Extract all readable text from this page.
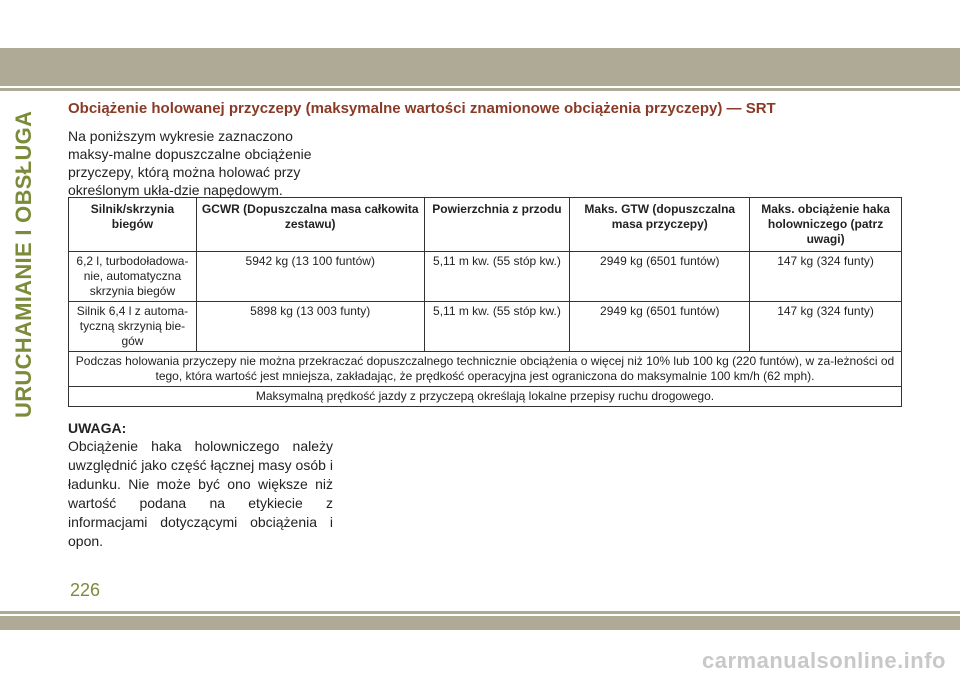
URUCHAMIANIE I OBSŁUGA
Obciążenie holowanej przyczepy (maksymalne wartości znamionowe obciążenia przyczepy) — SRT
Na poniższym wykresie zaznaczono maksy-malne dopuszczalne obciążenie przyczepy, którą można holować przy określonym ukła-dzie napędowym.
Silnik/skrzynia biegów	GCWR (Dopuszczalna masa całkowita zestawu)	Powierzchnia z przodu	Maks. GTW (dopuszczalna masa przyczepy)	Maks. obciążenie haka holowniczego (patrz uwagi)
6,2 l, turbodoładowa-nie, automatyczna skrzynia biegów	5942 kg (13 100 funtów)	5,11 m kw. (55 stóp kw.)	2949 kg (6501 funtów)	147 kg (324 funty)
Silnik 6,4 l z automa-tyczną skrzynią bie-gów	5898 kg (13 003 funty)	5,11 m kw. (55 stóp kw.)	2949 kg (6501 funtów)	147 kg (324 funty)
Podczas holowania przyczepy nie można przekraczać dopuszczalnego technicznie obciążenia o więcej niż 10% lub 100 kg (220 funtów), w za-leżności od tego, która wartość jest mniejsza, zakładając, że prędkość operacyjna jest ograniczona do maksymalnie 100 km/h (62 mph).				
Maksymalną prędkość jazdy z przyczepą określają lokalne przepisy ruchu drogowego.				
UWAGA:
Obciążenie haka holowniczego należy uwzględnić jako część łącznej masy osób i ładunku. Nie może być ono większe niż wartość podana na etykiecie z informacjami dotyczącymi obciążenia i opon.
226
carmanualsonline.info
